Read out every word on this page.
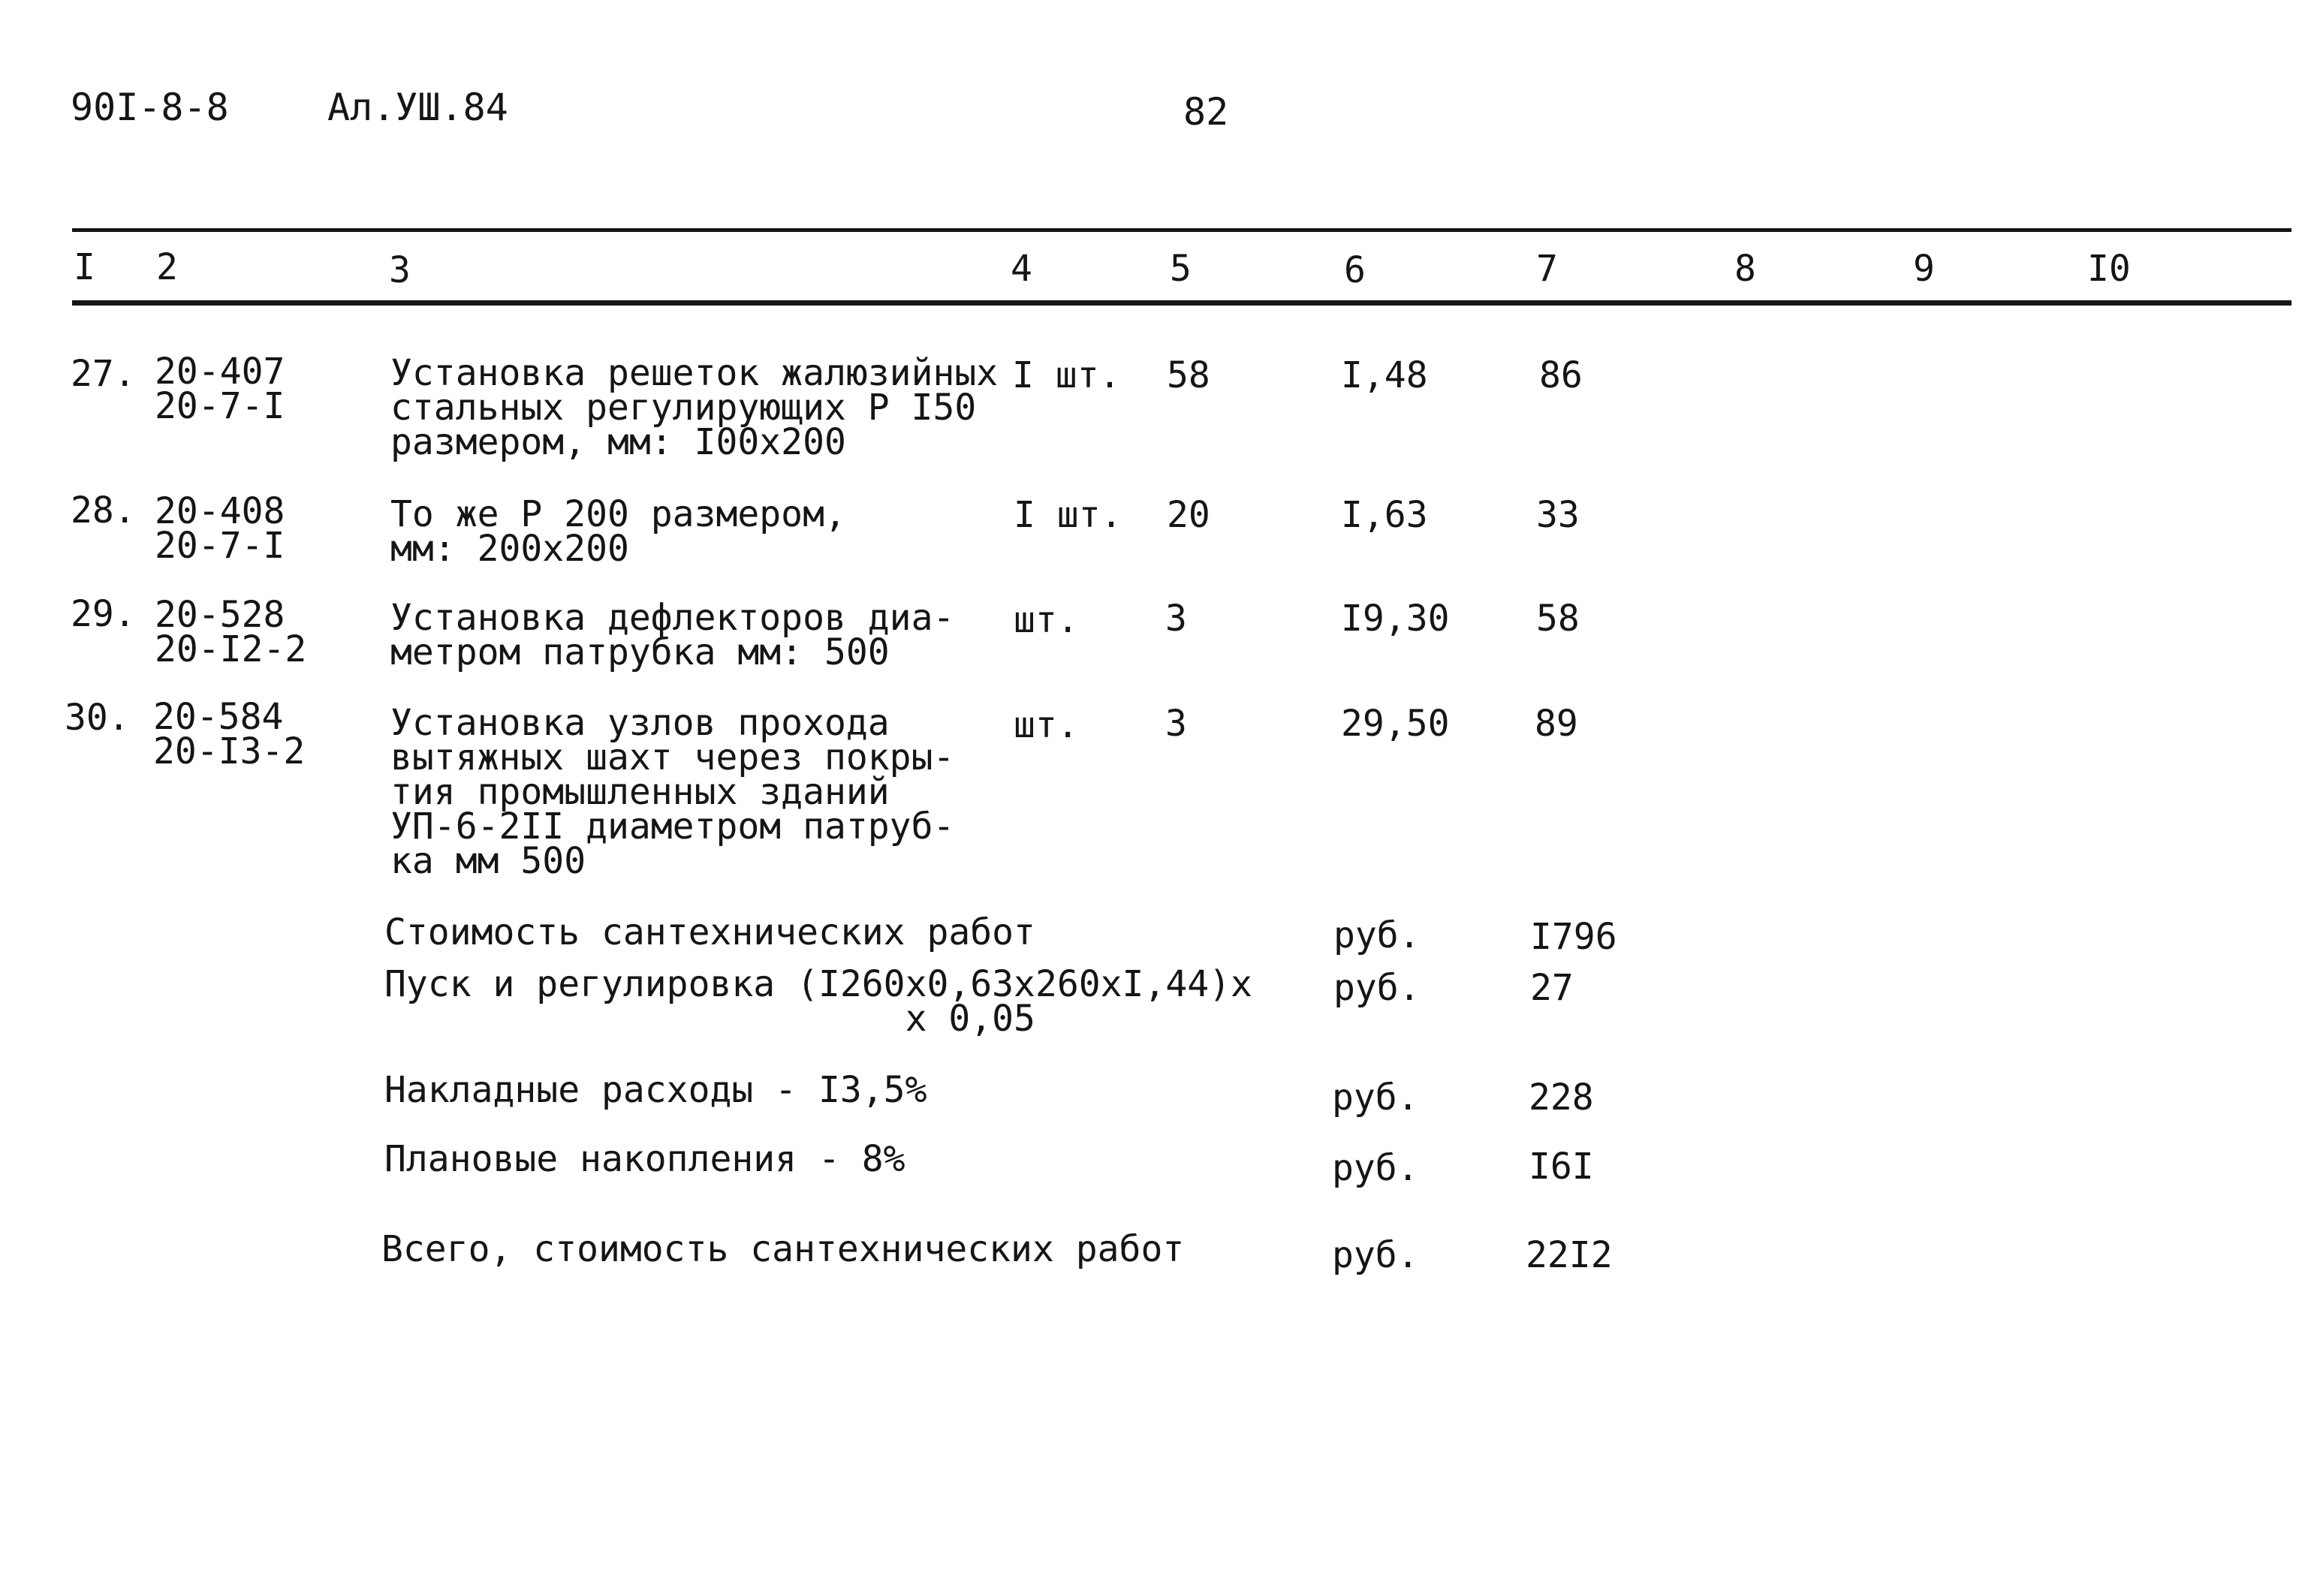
90I-8-8	Ал.УШ.84	82
I 2	3	4	5	6	7	8	9	I0
27. 20-407
20-7-I
Установка решеток жалюзийных
стальных регулирующих Р I50
размером, мм: I00х200
I шт. 58	I,48	86
28. 20-408
20-7-I
То же Р 200 размером,
мм: 200х200
I шт. 20	I,63	33
29. 20-528
20-I2-2
Установка дефлекторов диа-
метром патрубка мм: 500
шт. 3	I9,30 58
30. 20-584
20-I3-2
Установка узлов прохода
вытяжных шахт через покры-
тия промышленных зданий
УП-6-2II диаметром патруб-
ка мм 500
шт. 3	29,50 89
Стоимость сантехнических работ	руб.	I796
Пуск и регулировка (I260х0,63х260хI,44)х
х 0,05
руб.	27
Накладные расходы - I3,5%	руб.	228
Плановые накопления - 8%	руб.	I6I
Всего, стоимость сантехнических работ	руб.	22I2
